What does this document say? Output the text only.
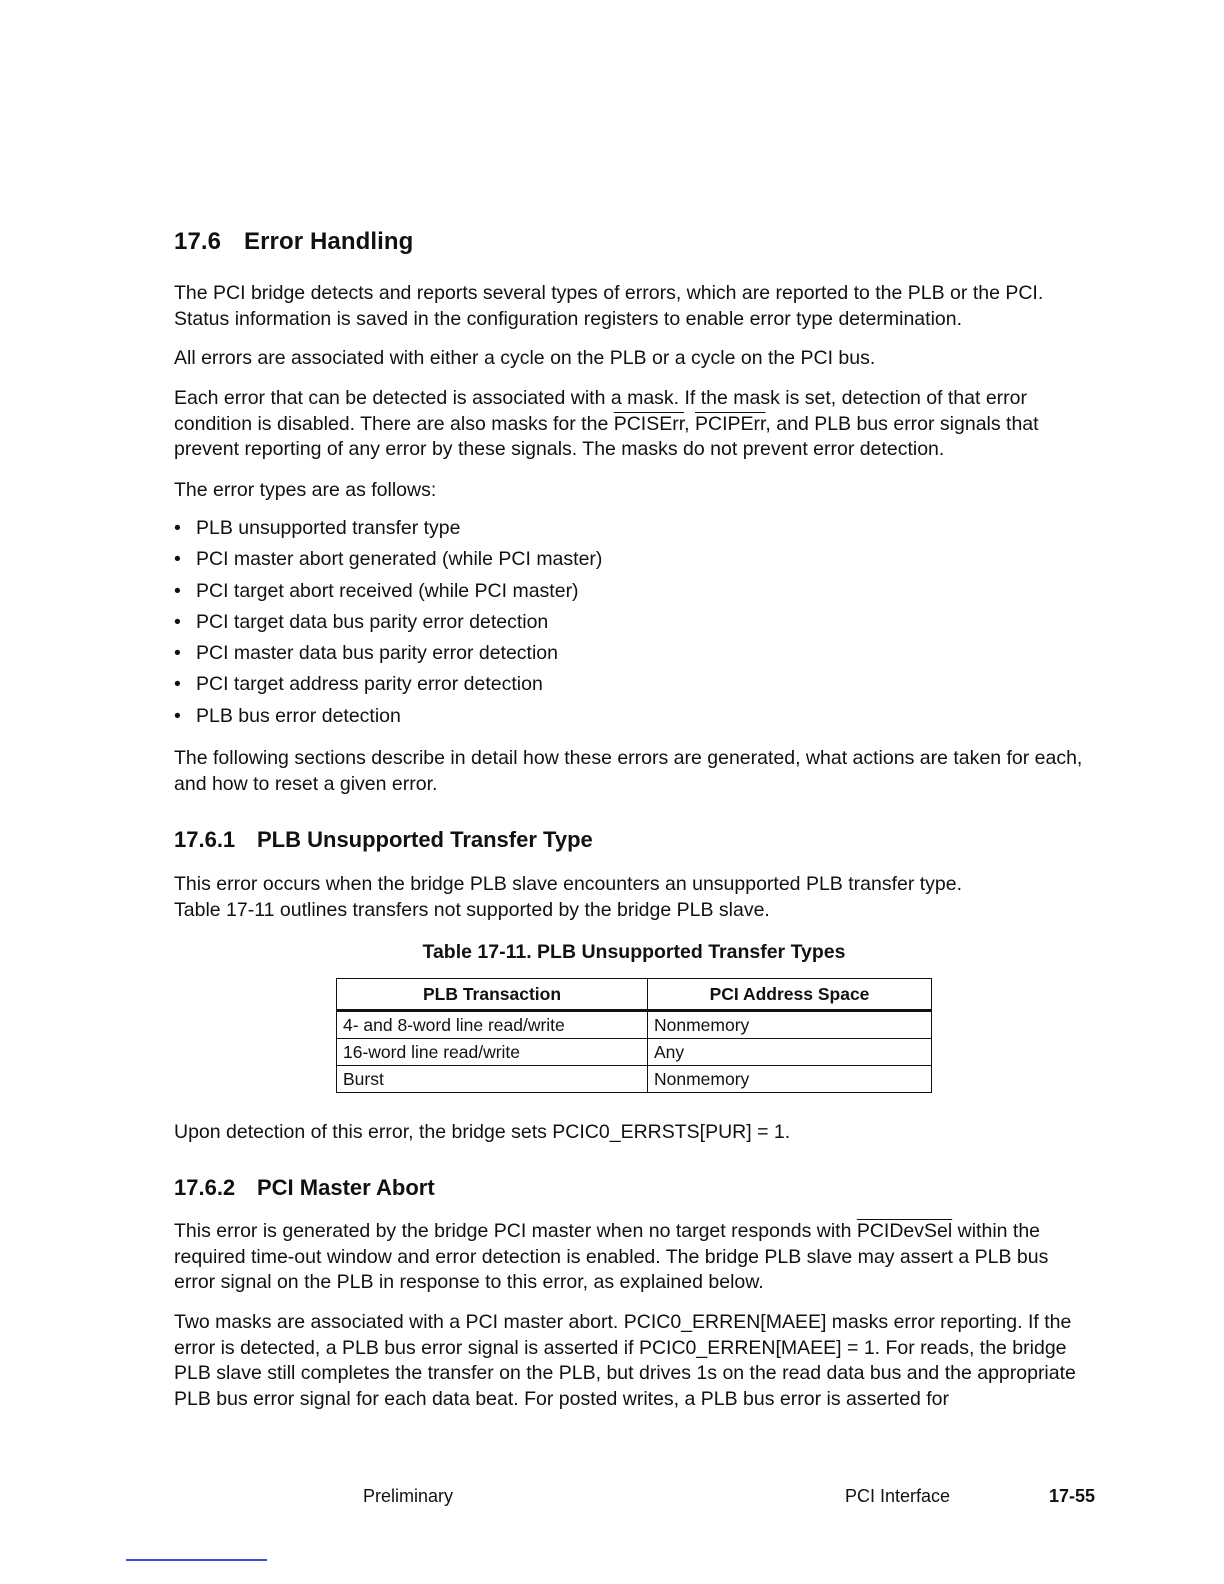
17.6 Error Handling

The PCI bridge detects and reports several types of errors, which are reported to the PLB or the PCI. Status information is saved in the configuration registers to enable error type determination.

All errors are associated with either a cycle on the PLB or a cycle on the PCI bus.

Each error that can be detected is associated with a mask. If the mask is set, detection of that error condition is disabled. There are also masks for the PCISErr, PCIPErr, and PLB bus error signals that prevent reporting of any error by these signals. The masks do not prevent error detection.

The error types are as follows:

• PLB unsupported transfer type
• PCI master abort generated (while PCI master)
• PCI target abort received (while PCI master)
• PCI target data bus parity error detection
• PCI master data bus parity error detection
• PCI target address parity error detection
• PLB bus error detection

The following sections describe in detail how these errors are generated, what actions are taken for each, and how to reset a given error.

17.6.1 PLB Unsupported Transfer Type

This error occurs when the bridge PLB slave encounters an unsupported PLB transfer type.
Table 17-11 outlines transfers not supported by the bridge PLB slave.

Table 17-11. PLB Unsupported Transfer Types
PLB Transaction	PCI Address Space
4- and 8-word line read/write	Nonmemory
16-word line read/write	Any
Burst	Nonmemory

Upon detection of this error, the bridge sets PCIC0_ERRSTS[PUR] = 1.

17.6.2 PCI Master Abort

This error is generated by the bridge PCI master when no target responds with PCIDevSel within the required time-out window and error detection is enabled. The bridge PLB slave may assert a PLB bus error signal on the PLB in response to this error, as explained below.

Two masks are associated with a PCI master abort. PCIC0_ERREN[MAEE] masks error reporting. If the error is detected, a PLB bus error signal is asserted if PCIC0_ERREN[MAEE] = 1. For reads, the bridge PLB slave still completes the transfer on the PLB, but drives 1s on the read data bus and the appropriate PLB bus error signal for each data beat. For posted writes, a PLB bus error is asserted for

Preliminary	PCI Interface	17-55
